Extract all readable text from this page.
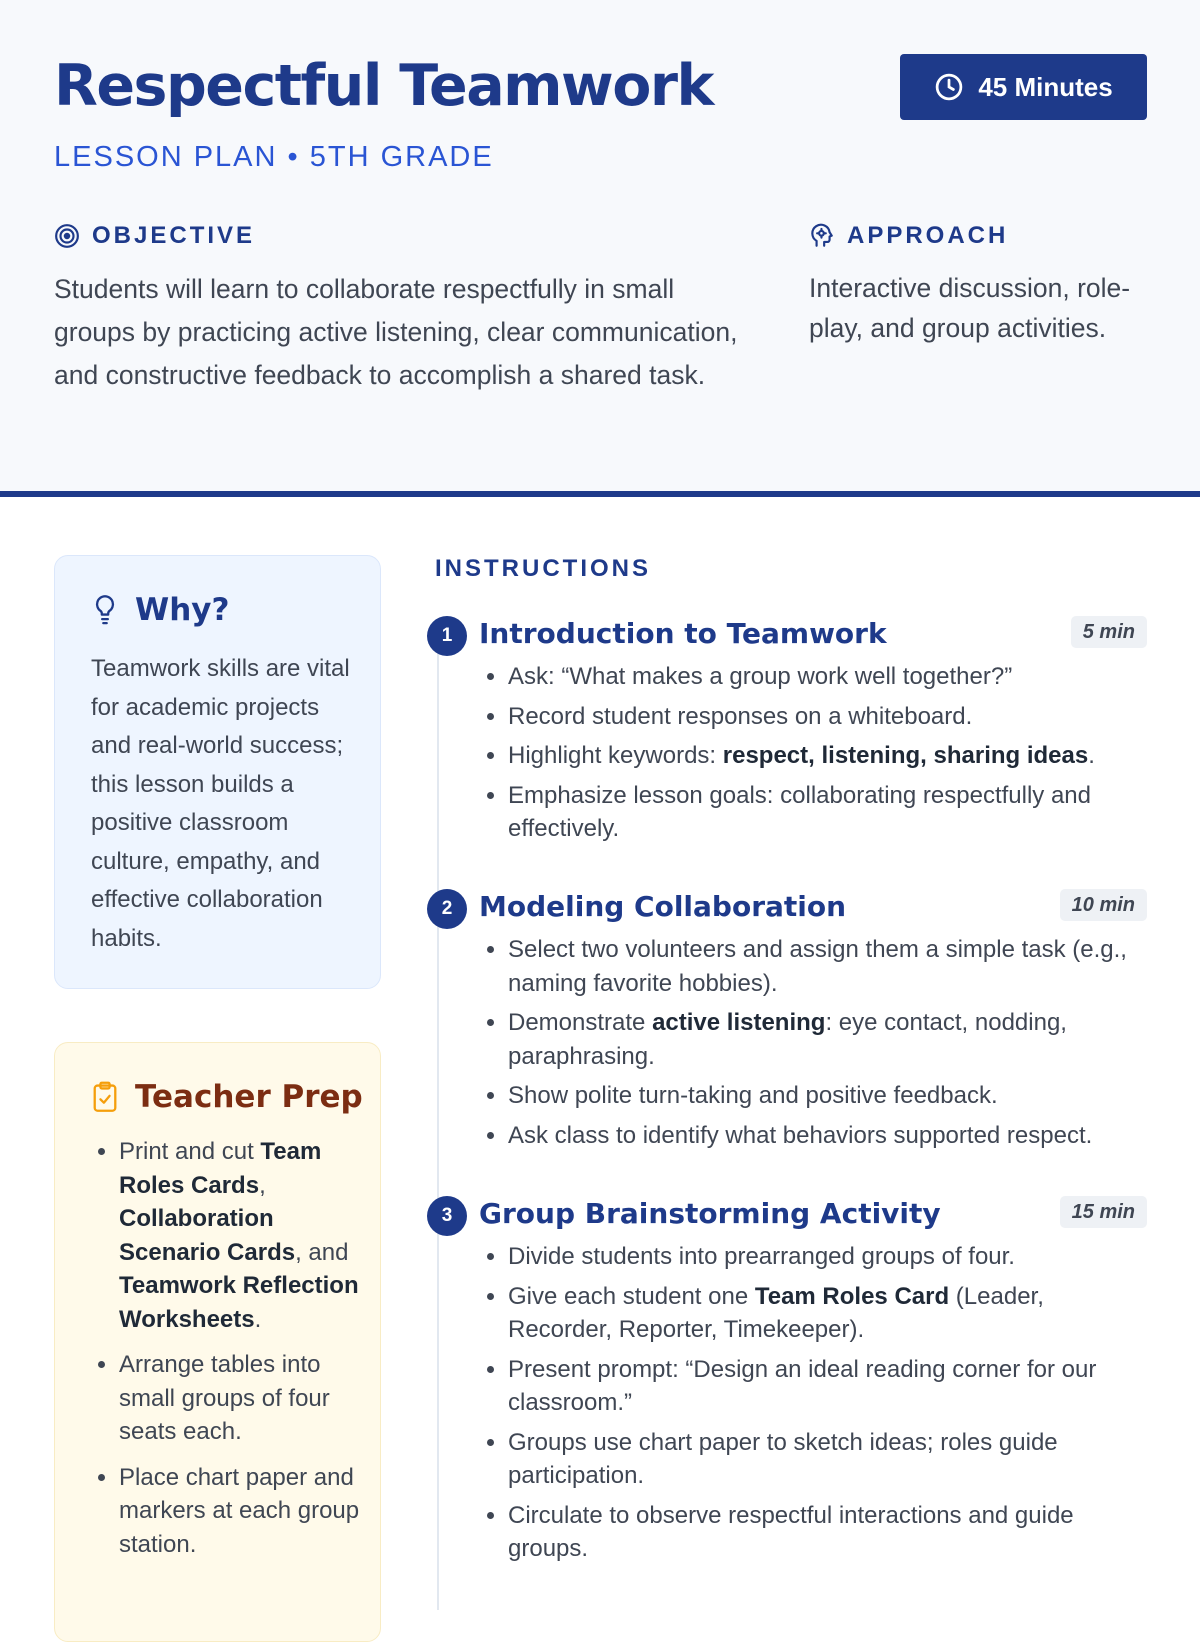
Respectful Teamwork
LESSON PLAN • 5TH GRADE
45 Minutes
OBJECTIVE

Students will learn to collaborate respectfully in small groups by practicing active listening, clear communication, and constructive feedback to accomplish a shared task.

APPROACH

Interactive discussion, role-play, and group activities.

Why?

Teamwork skills are vital for academic projects and real-world success; this lesson builds a positive classroom culture, empathy, and effective collaboration habits.

Teacher Prep
• Print and cut Team Roles Cards, Collaboration Scenario Cards, and Teamwork Reflection Worksheets.
• Arrange tables into small groups of four seats each.
• Place chart paper and markers at each group station.
INSTRUCTIONS
1 Introduction to Teamwork	5 min
• Ask: “What makes a group work well together?”
• Record student responses on a whiteboard.
• Highlight keywords: respect, listening, sharing ideas.
• Emphasize lesson goals: collaborating respectfully and effectively.
2 Modeling Collaboration	10 min
• Select two volunteers and assign them a simple task (e.g., naming favorite hobbies).
• Demonstrate active listening: eye contact, nodding, paraphrasing.
• Show polite turn-taking and positive feedback.
• Ask class to identify what behaviors supported respect.
3 Group Brainstorming Activity	15 min
• Divide students into prearranged groups of four.
• Give each student one Team Roles Card (Leader, Recorder, Reporter, Timekeeper).
• Present prompt: “Design an ideal reading corner for our classroom.”
• Groups use chart paper to sketch ideas; roles guide participation.
• Circulate to observe respectful interactions and guide groups.
